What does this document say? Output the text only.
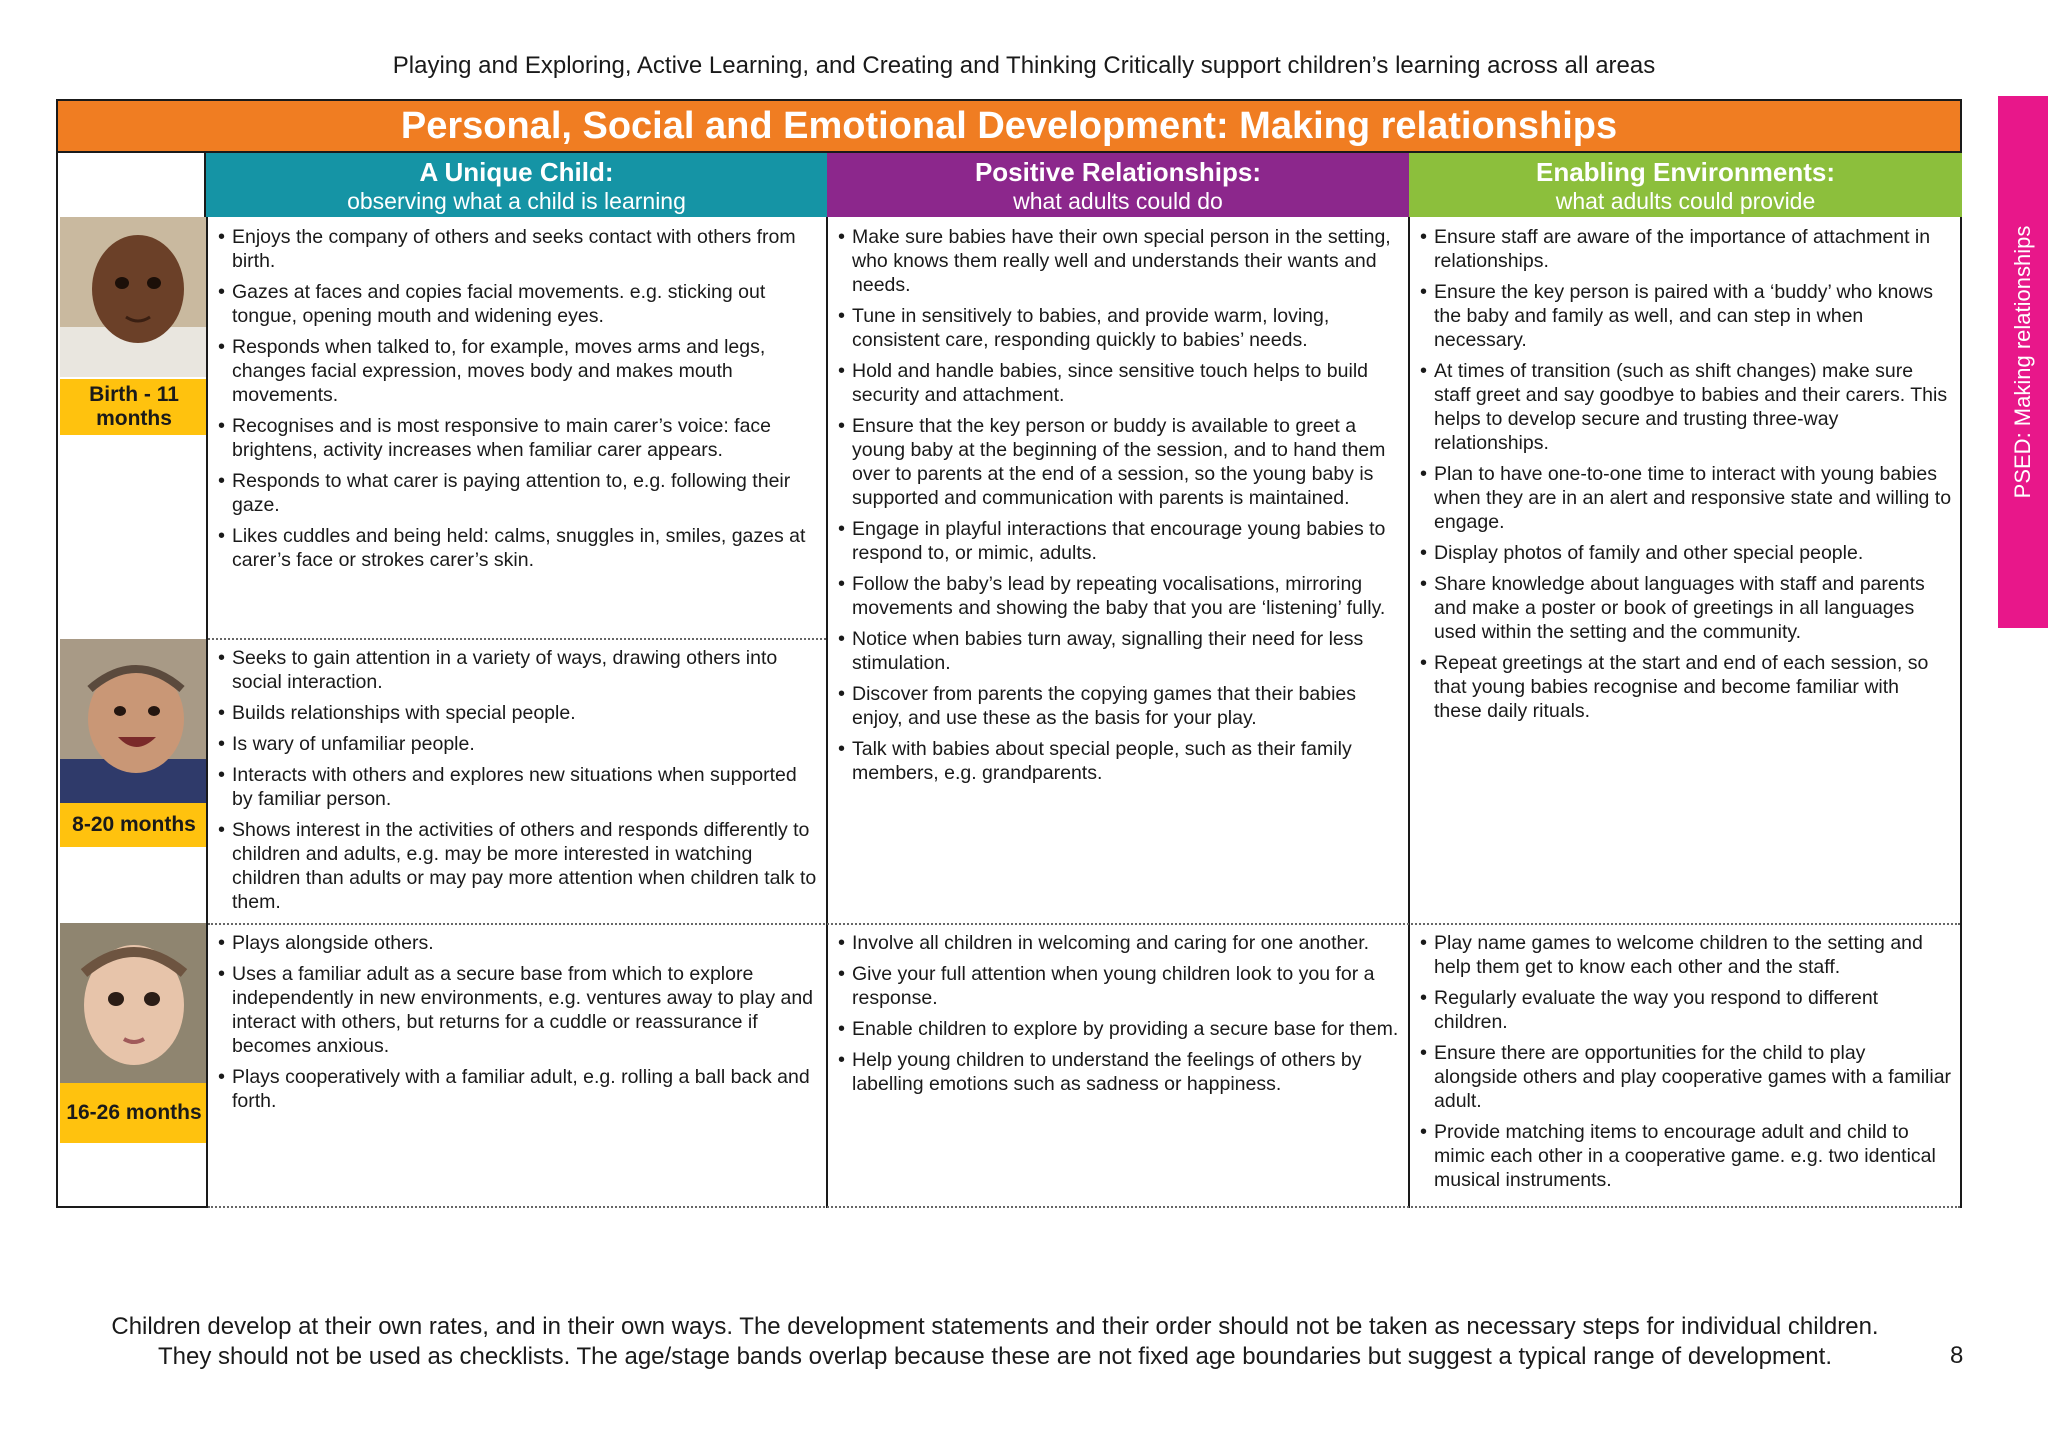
Playing and Exploring, Active Learning, and Creating and Thinking Critically support children’s learning across all areas
PSED: Making relationships
Personal, Social and Emotional Development: Making relationships
A Unique Child:
observing what a child is learning
Positive Relationships:
what adults could do
Enabling Environments:
what adults could provide
Birth - 11 months
8-20 months
16-26 months
• Enjoys the company of others and seeks contact with others from birth.
• Gazes at faces and copies facial movements. e.g. sticking out tongue, opening mouth and widening eyes.
• Responds when talked to, for example, moves arms and legs, changes facial expression, moves body and makes mouth movements.
• Recognises and is most responsive to main carer’s voice: face brightens, activity increases when familiar carer appears.
• Responds to what carer is paying attention to, e.g. following their gaze.
• Likes cuddles and being held: calms, snuggles in, smiles, gazes at carer’s face or strokes carer’s skin.
• Seeks to gain attention in a variety of ways, drawing others into social interaction.
• Builds relationships with special people.
• Is wary of unfamiliar people.
• Interacts with others and explores new situations when supported by familiar person.
• Shows interest in the activities of others and responds differently to children and adults, e.g. may be more interested in watching children than adults or may pay more attention when children talk to them.
• Make sure babies have their own special person in the setting, who knows them really well and understands their wants and needs.
• Tune in sensitively to babies, and provide warm, loving, consistent care, responding quickly to babies’ needs.
• Hold and handle babies, since sensitive touch helps to build security and attachment.
• Ensure that the key person or buddy is available to greet a young baby at the beginning of the session, and to hand them over to parents at the end of a session, so the young baby is supported and communication with parents is maintained.
• Engage in playful interactions that encourage young babies to respond to, or mimic, adults.
• Follow the baby’s lead by repeating vocalisations, mirroring movements and showing the baby that you are ‘listening’ fully.
• Notice when babies turn away, signalling their need for less stimulation.
• Discover from parents the copying games that their babies enjoy, and use these as the basis for your play.
• Talk with babies about special people, such as their family members, e.g. grandparents.
• Ensure staff are aware of the importance of attachment in relationships.
• Ensure the key person is paired with a ‘buddy’ who knows the baby and family as well, and can step in when necessary.
• At times of transition (such as shift changes) make sure staff greet and say goodbye to babies and their carers. This helps to develop secure and trusting three-way relationships.
• Plan to have one-to-one time to interact with young babies when they are in an alert and responsive state and willing to engage.
• Display photos of family and other special people.
• Share knowledge about languages with staff and parents and make a poster or book of greetings in all languages used within the setting and the community.
• Repeat greetings at the start and end of each session, so that young babies recognise and become familiar with these daily rituals.
• Plays alongside others.
• Uses a familiar adult as a secure base from which to explore independently in new environments, e.g. ventures away to play and interact with others, but returns for a cuddle or reassurance if becomes anxious.
• Plays cooperatively with a familiar adult, e.g. rolling a ball back and forth.
• Involve all children in welcoming and caring for one another.
• Give your full attention when young children look to you for a response.
• Enable children to explore by providing a secure base for them.
• Help young children to understand the feelings of others by labelling emotions such as sadness or happiness.
• Play name games to welcome children to the setting and help them get to know each other and the staff.
• Regularly evaluate the way you respond to different children.
• Ensure there are opportunities for the child to play alongside others and play cooperative games with a familiar adult.
• Provide matching items to encourage adult and child to mimic each other in a cooperative game. e.g. two identical musical instruments.
Children develop at their own rates, and in their own ways. The development statements and their order should not be taken as necessary steps for individual children.
They should not be used as checklists. The age/stage bands overlap because these are not fixed age boundaries but suggest a typical range of development.	8
